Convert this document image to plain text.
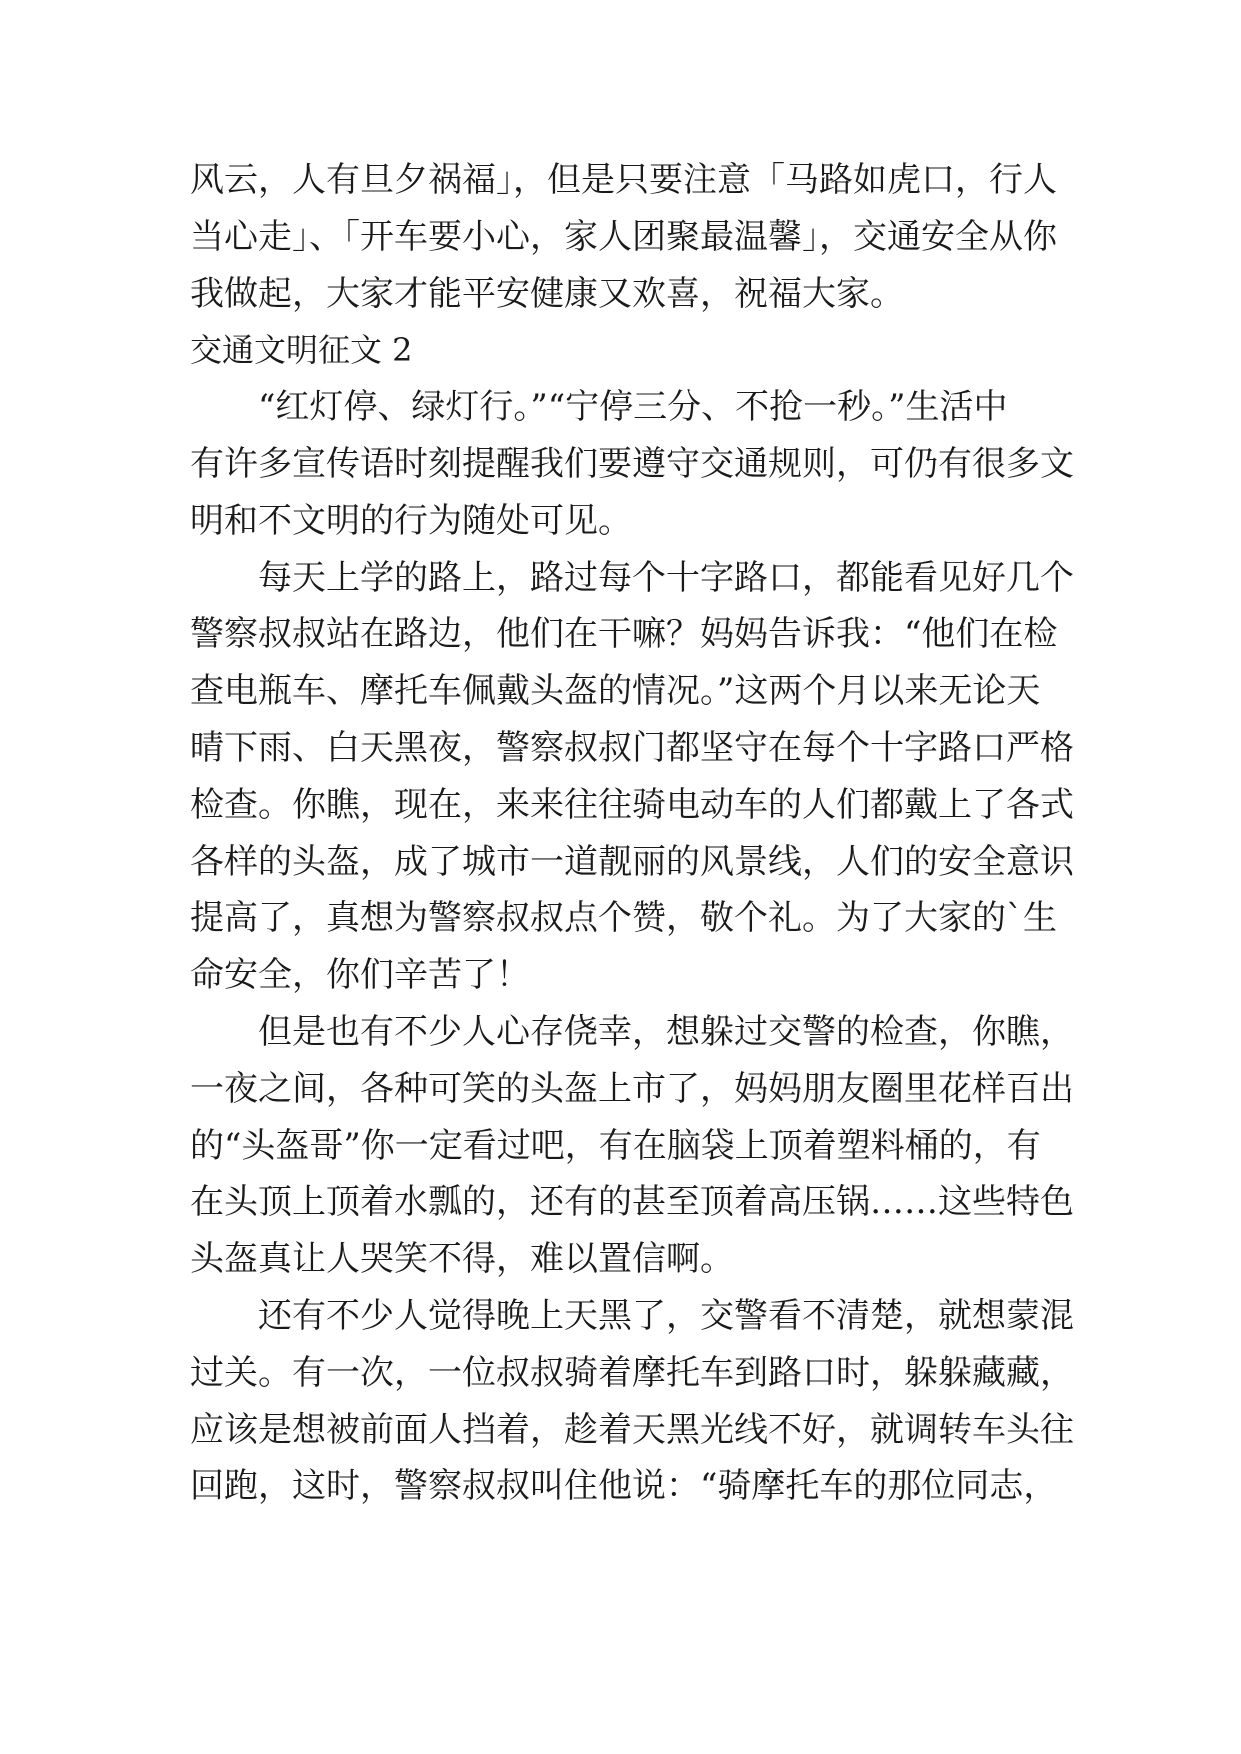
风云，人有旦夕祸福」，但是只要注意「马路如虎口，行人
当心走」、「开车要小心，家人团聚最温馨」，交通安全从你
我做起，大家才能平安健康又欢喜，祝福大家。
交通文明征文 2
　　“红灯停、绿灯行。”“宁停三分、不抢一秒。”生活中
有许多宣传语时刻提醒我们要遵守交通规则，可仍有很多文
明和不文明的行为随处可见。
　　每天上学的路上，路过每个十字路口，都能看见好几个
警察叔叔站在路边，他们在干嘛？妈妈告诉我：“他们在检
查电瓶车、摩托车佩戴头盔的情况。”这两个月以来无论天
晴下雨、白天黑夜，警察叔叔门都坚守在每个十字路口严格
检查。你瞧，现在，来来往往骑电动车的人们都戴上了各式
各样的头盔，成了城市一道靓丽的风景线，人们的安全意识
提高了，真想为警察叔叔点个赞，敬个礼。为了大家的`生
命安全，你们辛苦了！
　　但是也有不少人心存侥幸，想躲过交警的检查，你瞧，
一夜之间，各种可笑的头盔上市了，妈妈朋友圈里花样百出
的“头盔哥”你一定看过吧，有在脑袋上顶着塑料桶的，有
在头顶上顶着水瓢的，还有的甚至顶着高压锅……这些特色
头盔真让人哭笑不得，难以置信啊。
　　还有不少人觉得晚上天黑了，交警看不清楚，就想蒙混
过关。有一次，一位叔叔骑着摩托车到路口时，躲躲藏藏，
应该是想被前面人挡着，趁着天黑光线不好，就调转车头往
回跑，这时，警察叔叔叫住他说：“骑摩托车的那位同志，
